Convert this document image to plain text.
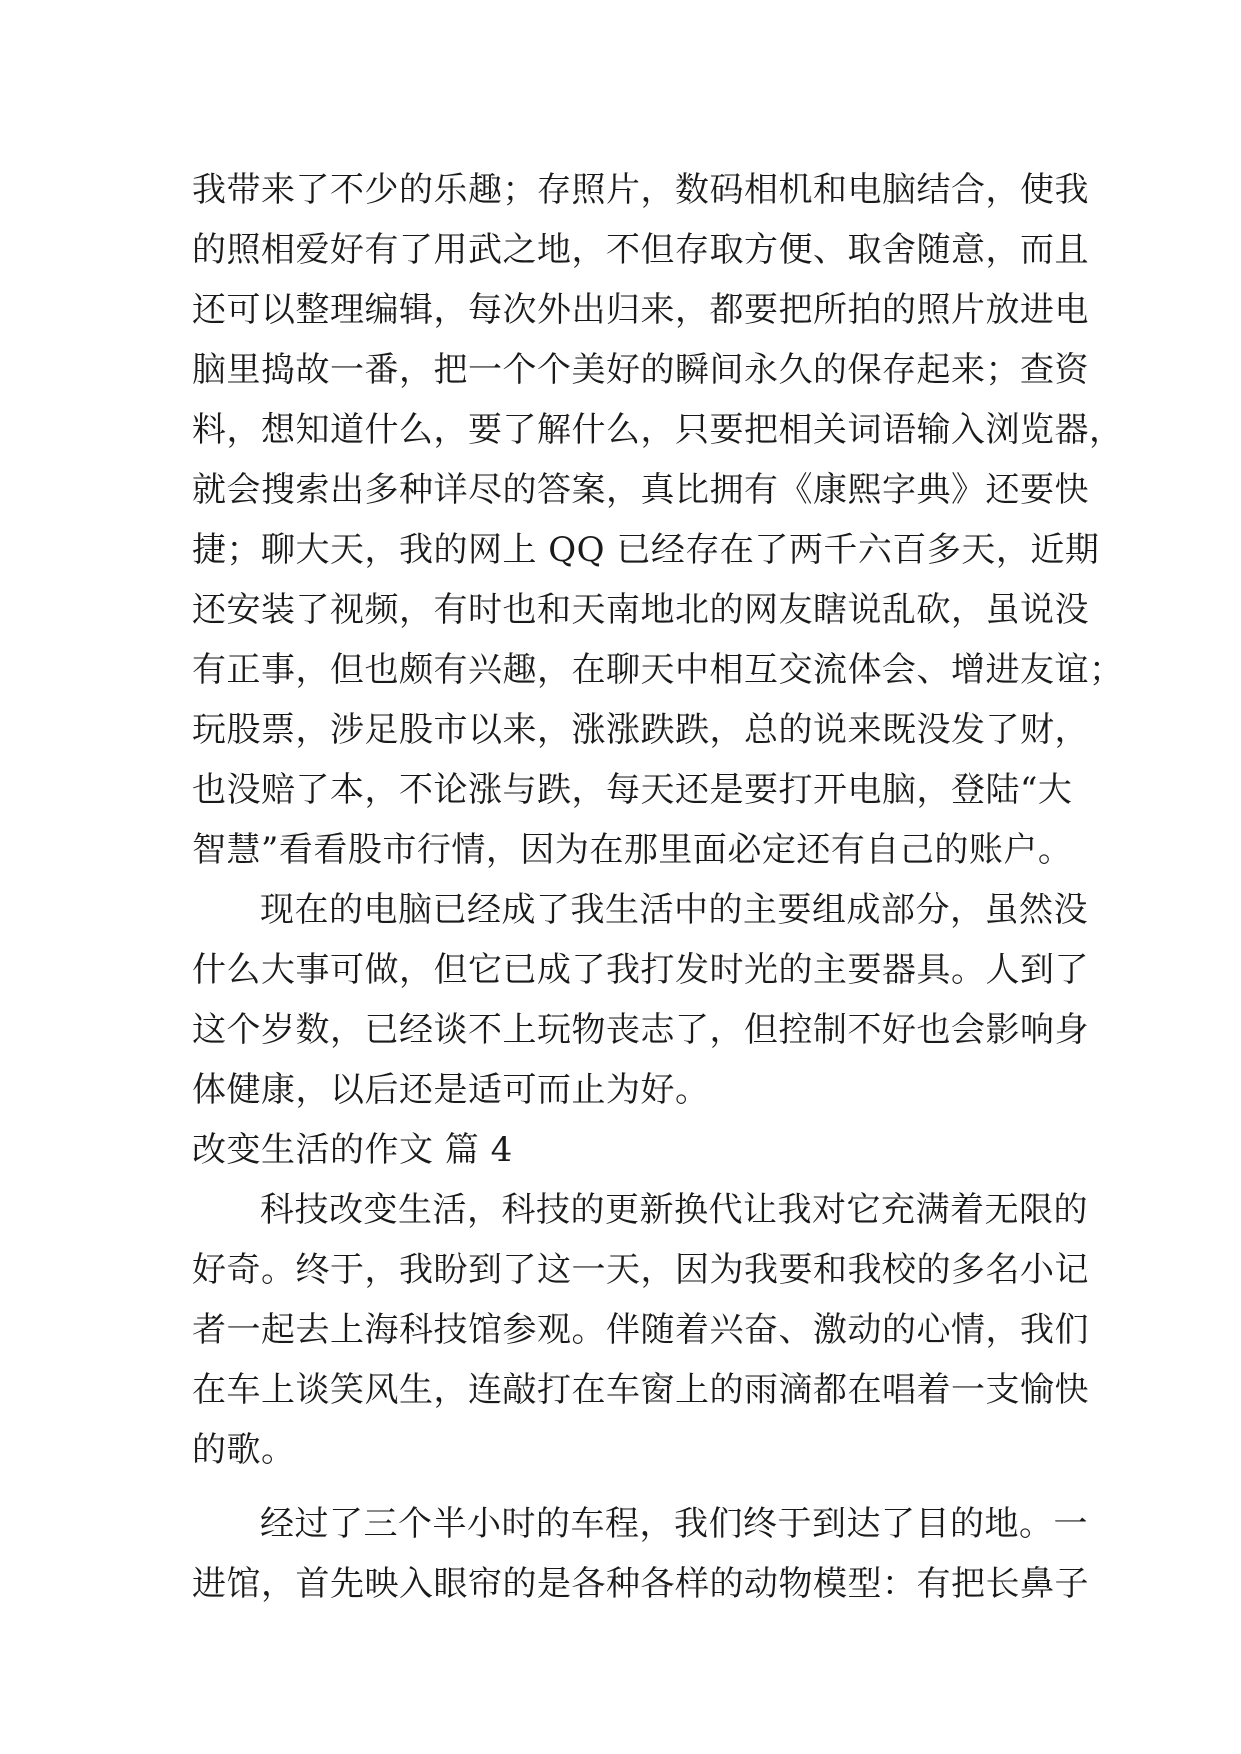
我带来了不少的乐趣；存照片，数码相机和电脑结合，使我
的照相爱好有了用武之地，不但存取方便、取舍随意，而且
还可以整理编辑，每次外出归来，都要把所拍的照片放进电
脑里捣故一番，把一个个美好的瞬间永久的保存起来；查资
料，想知道什么，要了解什么，只要把相关词语输入浏览器，
就会搜索出多种详尽的答案，真比拥有《康熙字典》还要快
捷；聊大天，我的网上 QQ 已经存在了两千六百多天，近期
还安装了视频，有时也和天南地北的网友瞎说乱砍，虽说没
有正事，但也颇有兴趣，在聊天中相互交流体会、增进友谊；
玩股票，涉足股市以来，涨涨跌跌，总的说来既没发了财，
也没赔了本，不论涨与跌，每天还是要打开电脑，登陆“大
智慧”看看股市行情，因为在那里面必定还有自己的账户。
现在的电脑已经成了我生活中的主要组成部分，虽然没
什么大事可做，但它已成了我打发时光的主要器具。人到了
这个岁数，已经谈不上玩物丧志了，但控制不好也会影响身
体健康，以后还是适可而止为好。
改变生活的作文 篇 4
科技改变生活，科技的更新换代让我对它充满着无限的
好奇。终于，我盼到了这一天，因为我要和我校的多名小记
者一起去上海科技馆参观。伴随着兴奋、激动的心情，我们
在车上谈笑风生，连敲打在车窗上的雨滴都在唱着一支愉快
的歌。
经过了三个半小时的车程，我们终于到达了目的地。一
进馆，首先映入眼帘的是各种各样的动物模型：有把长鼻子
